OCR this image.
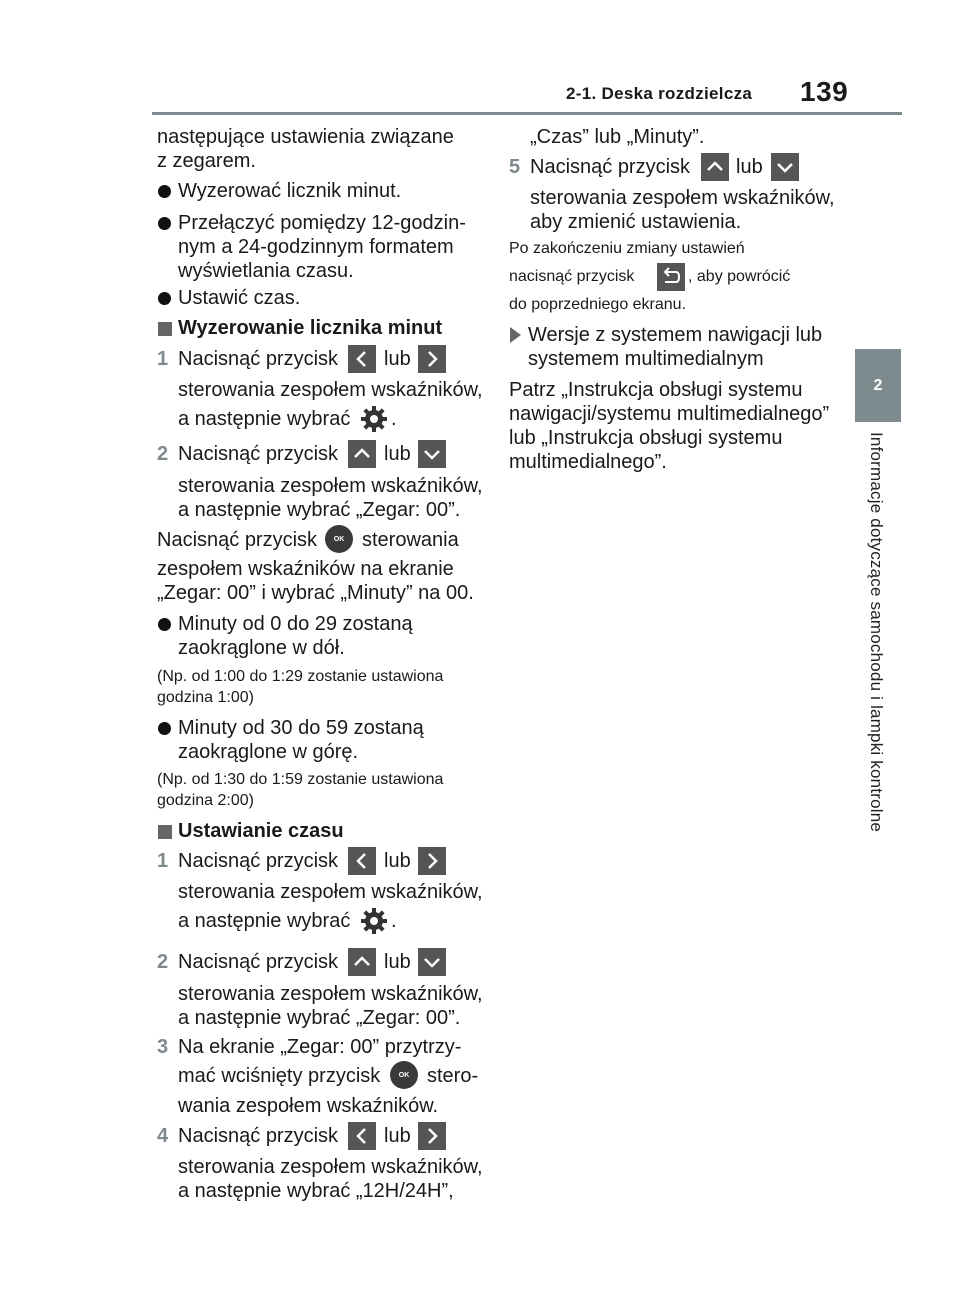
2-1. Deska rozdzielcza 139
2
Informacje dotyczące samochodu i lampki kontrolne
następujące ustawienia związane
z zegarem.
Wyzerować licznik minut.
Przełączyć pomiędzy 12-godzin-
nym a 24-godzinnym formatem
wyświetlania czasu.
Ustawić czas.
Wyzerowanie licznika minut
1 Nacisnąć przycisk lub
sterowania zespołem wskaźników,
a następnie wybrać .
2 Nacisnąć przycisk lub
sterowania zespołem wskaźników,
a następnie wybrać „Zegar: 00”.
Nacisnąć przycisk	OK sterowania
zespołem wskaźników na ekranie
„Zegar: 00” i wybrać „Minuty” na 00.
Minuty od 0 do 29 zostaną
zaokrąglone w dół.
(Np. od 1:00 do 1:29 zostanie ustawiona
godzina 1:00)
Minuty od 30 do 59 zostaną
zaokrąglone w górę.
(Np. od 1:30 do 1:59 zostanie ustawiona
godzina 2:00)
Ustawianie czasu
1 Nacisnąć przycisk lub
sterowania zespołem wskaźników,
a następnie wybrać .
2 Nacisnąć przycisk lub
sterowania zespołem wskaźników,
a następnie wybrać „Zegar: 00”.
3 Na ekranie „Zegar: 00” przytrzy-
mać wciśnięty przycisk	OK stero-
wania zespołem wskaźników.
4 Nacisnąć przycisk lub
sterowania zespołem wskaźników,
a następnie wybrać „12H/24H”,
„Czas” lub „Minuty”.
5 Nacisnąć przycisk lub
sterowania zespołem wskaźników,
aby zmienić ustawienia.
Po zakończeniu zmiany ustawień
nacisnąć przycisk	, aby powrócić
do poprzedniego ekranu.
Wersje z systemem nawigacji lub
systemem multimedialnym
Patrz „Instrukcja obsługi systemu
nawigacji/systemu multimedialnego”
lub „Instrukcja obsługi systemu
multimedialnego”.
